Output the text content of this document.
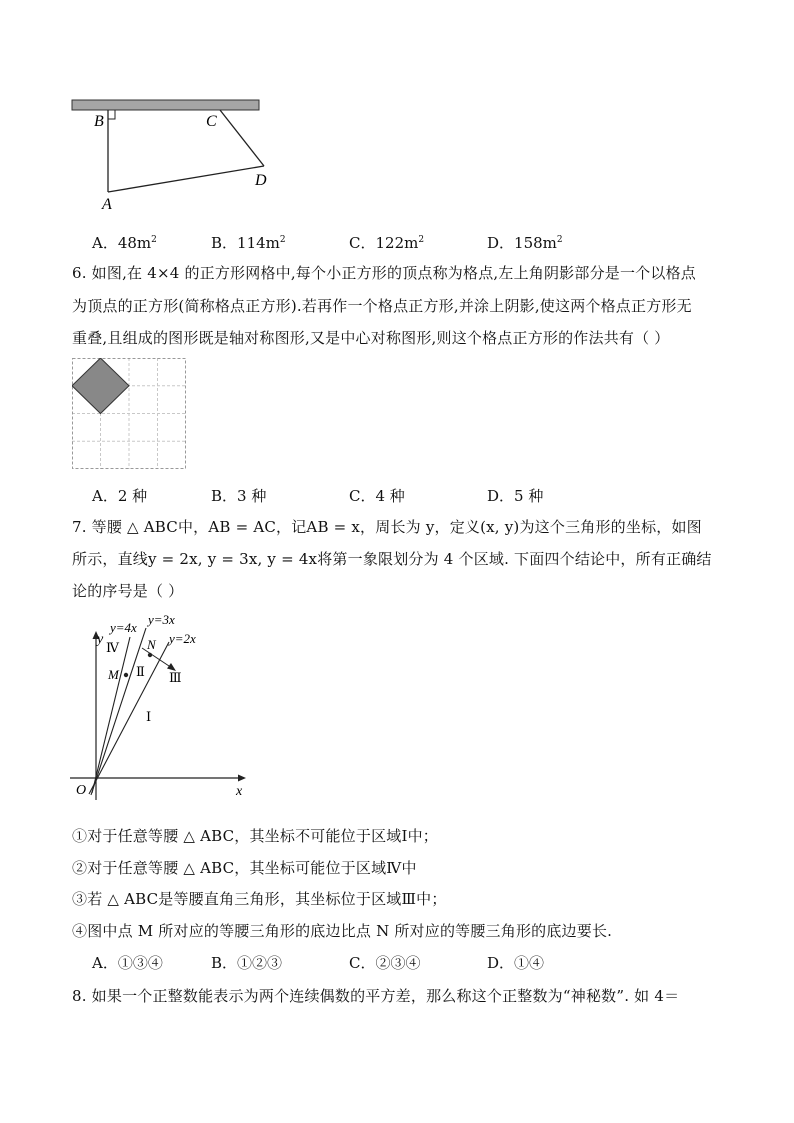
B	C
D
A
A．$48m^2$	B．$114m^2$	C．$122m^2$	D．$158m^2$
6. 如图,在 4×4 的正方形网格中,每个小正方形的顶点称为格点,左上角阴影部分是一个以格点
为顶点的正方形(简称格点正方形).若再作一个格点正方形,并涂上阴影,使这两个格点正方形无
重叠,且组成的图形既是轴对称图形,又是中心对称图形,则这个格点正方形的作法共有（ ）
A．2 种	B．3 种	C．4 种	D．5 种
7. 等腰 △ ABC中，AB = AC，记AB = x，周长为 y，定义(x, y)为这个三角形的坐标，如图
所示，直线y = 2x, y = 3x, y = 4x将第一象限划分为 4 个区域. 下面四个结论中，所有正确结
论的序号是（ ）
y
x
O
y=4x
y=3x
y=2x
Ⅳ
Ⅱ Ⅲ
Ⅰ
M
N
①对于任意等腰 △ ABC，其坐标不可能位于区域Ⅰ中；
②对于任意等腰 △ ABC，其坐标可能位于区域Ⅳ中
③若 △ ABC是等腰直角三角形，其坐标位于区域Ⅲ中；
④图中点 M 所对应的等腰三角形的底边比点 N 所对应的等腰三角形的底边要长.
A．①③④	B．①②③	C．②③④	D．①④
8. 如果一个正整数能表示为两个连续偶数的平方差，那么称这个正整数为“神秘数”. 如 4＝
